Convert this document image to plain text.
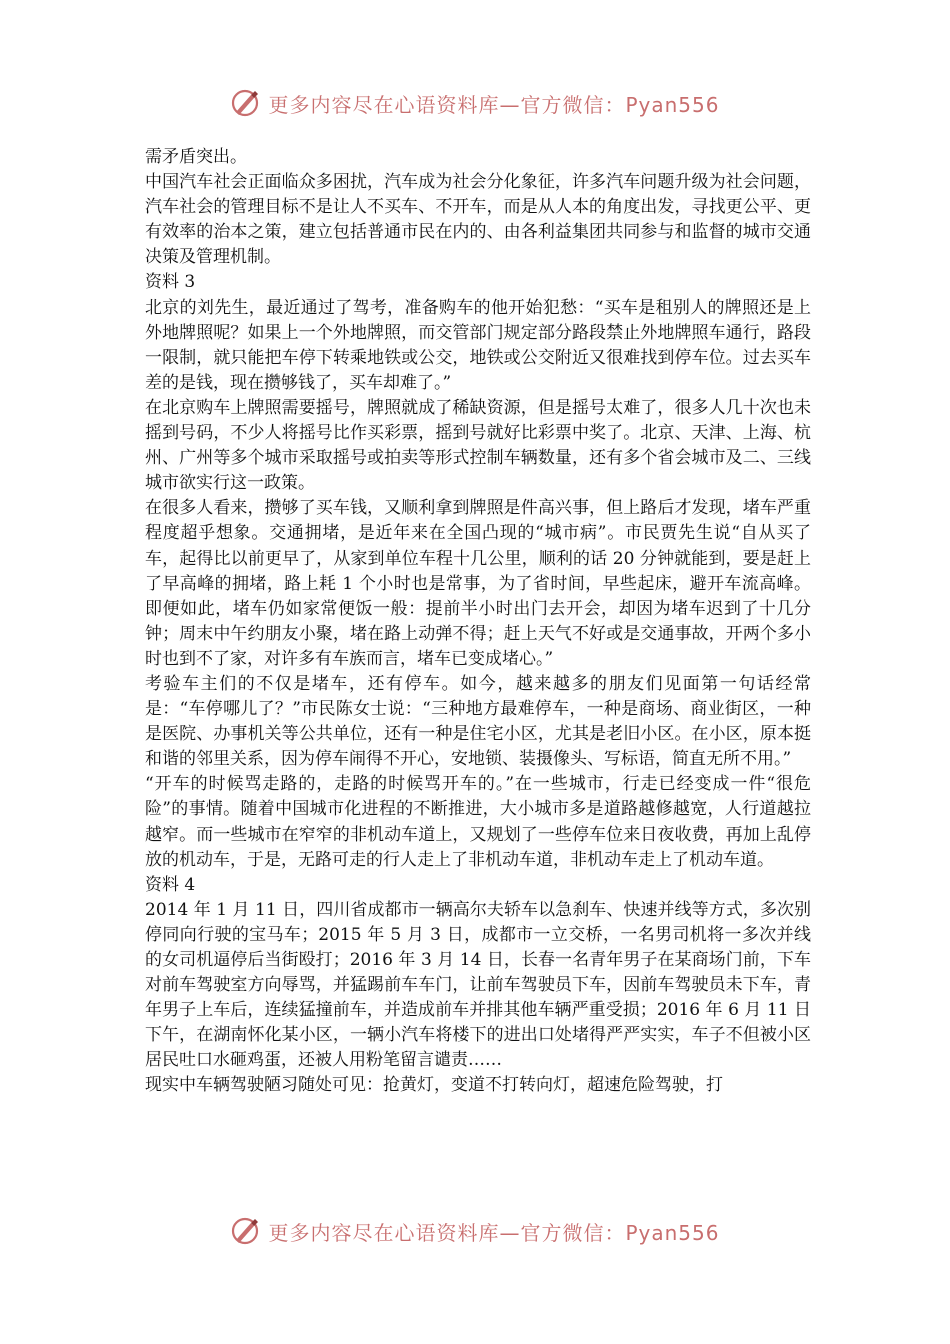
更多内容尽在心语资料库—官方微信：Pyan556

需矛盾突出。

中国汽车社会正面临众多困扰，汽车成为社会分化象征，许多汽车问题升级为社会问题，汽车社会的管理目标不是让人不买车、不开车，而是从人本的角度出发，寻找更公平、更有效率的治本之策，建立包括普通市民在内的、由各利益集团共同参与和监督的城市交通决策及管理机制。

资料 3

北京的刘先生，最近通过了驾考，准备购车的他开始犯愁：“买车是租别人的牌照还是上外地牌照呢？如果上一个外地牌照，而交管部门规定部分路段禁止外地牌照车通行，路段一限制，就只能把车停下转乘地铁或公交，地铁或公交附近又很难找到停车位。过去买车差的是钱，现在攒够钱了，买车却难了。”

在北京购车上牌照需要摇号，牌照就成了稀缺资源，但是摇号太难了，很多人几十次也未摇到号码，不少人将摇号比作买彩票，摇到号就好比彩票中奖了。北京、天津、上海、杭州、广州等多个城市采取摇号或拍卖等形式控制车辆数量，还有多个省会城市及二、三线城市欲实行这一政策。

在很多人看来，攒够了买车钱，又顺利拿到牌照是件高兴事，但上路后才发现，堵车严重程度超乎想象。交通拥堵，是近年来在全国凸现的“城市病”。市民贾先生说“自从买了车，起得比以前更早了，从家到单位车程十几公里，顺利的话 20 分钟就能到，要是赶上了早高峰的拥堵，路上耗 1 个小时也是常事，为了省时间，早些起床，避开车流高峰。即便如此，堵车仍如家常便饭一般：提前半小时出门去开会，却因为堵车迟到了十几分钟；周末中午约朋友小聚，堵在路上动弹不得；赶上天气不好或是交通事故，开两个多小时也到不了家，对许多有车族而言，堵车已变成堵心。”

考验车主们的不仅是堵车，还有停车。如今，越来越多的朋友们见面第一句话经常是：“车停哪儿了？”市民陈女士说：“三种地方最难停车，一种是商场、商业街区，一种是医院、办事机关等公共单位，还有一种是住宅小区，尤其是老旧小区。在小区，原本挺和谐的邻里关系，因为停车闹得不开心，安地锁、装摄像头、写标语，简直无所不用。”

“开车的时候骂走路的，走路的时候骂开车的。”在一些城市，行走已经变成一件“很危险”的事情。随着中国城市化进程的不断推进，大小城市多是道路越修越宽，人行道越拉越窄。而一些城市在窄窄的非机动车道上，又规划了一些停车位来日夜收费，再加上乱停放的机动车，于是，无路可走的行人走上了非机动车道，非机动车走上了机动车道。

资料 4

2014 年 1 月 11 日，四川省成都市一辆高尔夫轿车以急刹车、快速并线等方式，多次别停同向行驶的宝马车；2015 年 5 月 3 日，成都市一立交桥，一名男司机将一多次并线的女司机逼停后当街殴打；2016 年 3 月 14 日，长春一名青年男子在某商场门前，下车对前车驾驶室方向辱骂，并猛踢前车车门，让前车驾驶员下车，因前车驾驶员未下车，青年男子上车后，连续猛撞前车，并造成前车并排其他车辆严重受损；2016 年 6 月 11 日下午，在湖南怀化某小区，一辆小汽车将楼下的进出口处堵得严严实实，车子不但被小区居民吐口水砸鸡蛋，还被人用粉笔留言谴责……

现实中车辆驾驶陋习随处可见：抢黄灯，变道不打转向灯，超速危险驾驶，打

更多内容尽在心语资料库—官方微信：Pyan556
